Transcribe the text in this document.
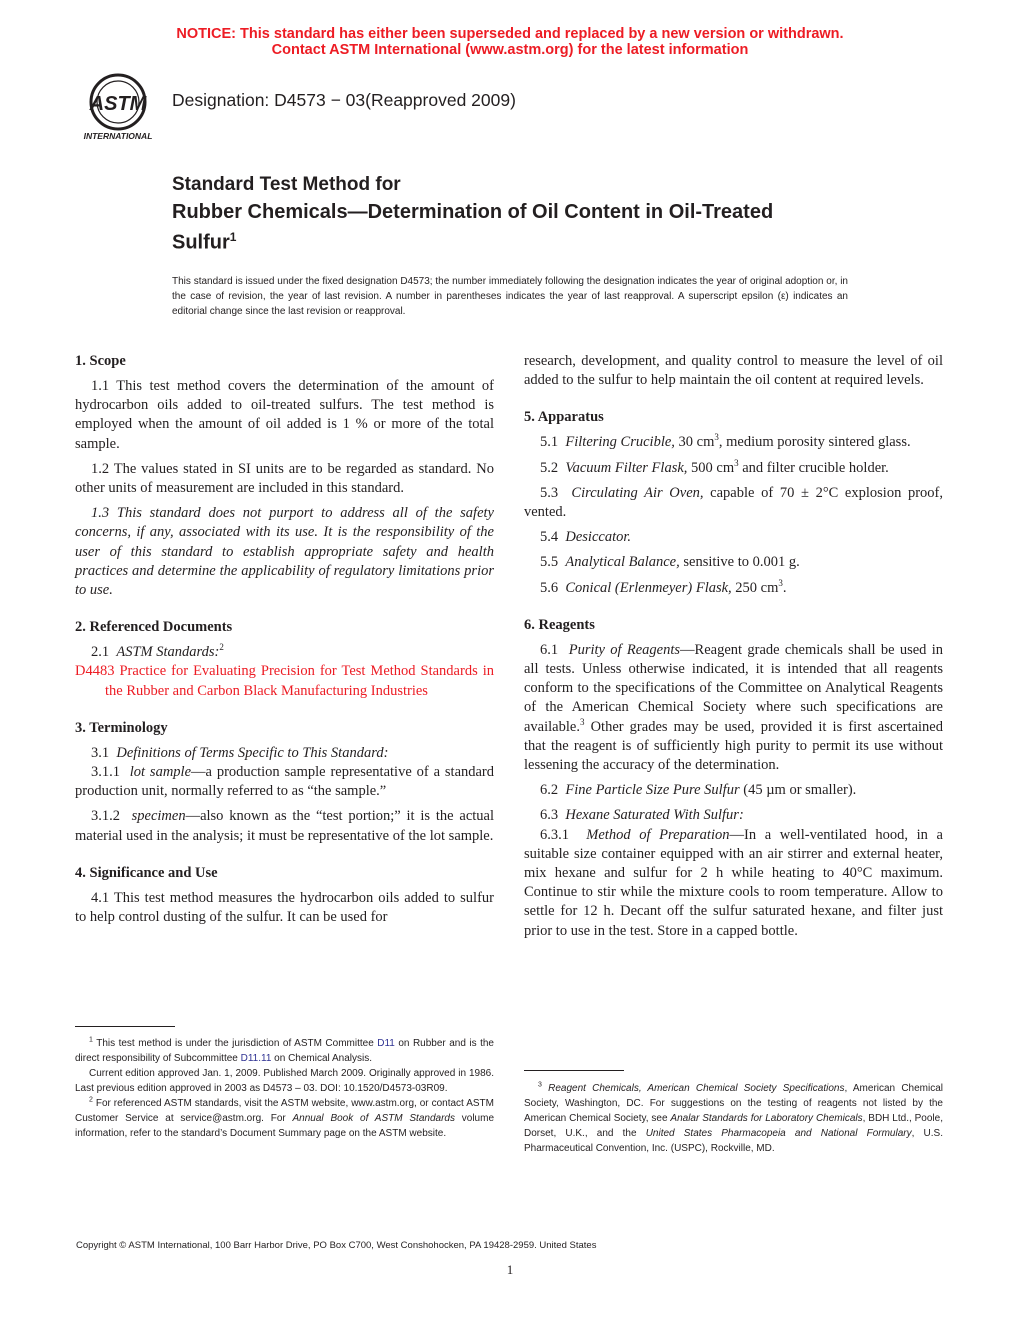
NOTICE: This standard has either been superseded and replaced by a new version or withdrawn.
Contact ASTM International (www.astm.org) for the latest information
ASTM
INTERNATIONAL
Designation: D4573 − 03(Reapproved 2009)
Standard Test Method for
Rubber Chemicals—Determination of Oil Content in Oil-Treated Sulfur$^1$
This standard is issued under the fixed designation D4573; the number immediately following the designation indicates the year of original adoption or, in the case of revision, the year of last revision. A number in parentheses indicates the year of last reapproval. A superscript epsilon (ε) indicates an editorial change since the last revision or reapproval.
1. Scope

1.1 This test method covers the determination of the amount of hydrocarbon oils added to oil-treated sulfurs. The test method is employed when the amount of oil added is 1 % or more of the total sample.

1.2 The values stated in SI units are to be regarded as standard. No other units of measurement are included in this standard.

1.3 This standard does not purport to address all of the safety concerns, if any, associated with its use. It is the responsibility of the user of this standard to establish appropriate safety and health practices and determine the applicability of regulatory limitations prior to use.

2. Referenced Documents

2.1 ASTM Standards:$^2$

D4483 Practice for Evaluating Precision for Test Method Standards in the Rubber and Carbon Black Manufacturing Industries

3. Terminology

3.1 Definitions of Terms Specific to This Standard:

3.1.1 lot sample—a production sample representative of a standard production unit, normally referred to as “the sample.”

3.1.2 specimen—also known as the “test portion;” it is the actual material used in the analysis; it must be representative of the lot sample.

4. Significance and Use

4.1 This test method measures the hydrocarbon oils added to sulfur to help control dusting of the sulfur. It can be used for

research, development, and quality control to measure the level of oil added to the sulfur to help maintain the oil content at required levels.

5. Apparatus

5.1 Filtering Crucible, 30 $cm^3$, medium porosity sintered glass.

5.2 Vacuum Filter Flask, 500 $cm^3$ and filter crucible holder.

5.3 Circulating Air Oven, capable of 70 ± 2°C explosion proof, vented.

5.4 Desiccator.

5.5 Analytical Balance, sensitive to 0.001 g.

5.6 Conical (Erlenmeyer) Flask, 250 $cm^3$.

6. Reagents

6.1 Purity of Reagents—Reagent grade chemicals shall be used in all tests. Unless otherwise indicated, it is intended that all reagents conform to the specifications of the Committee on Analytical Reagents of the American Chemical Society where such specifications are available.$^3$ Other grades may be used, provided it is first ascertained that the reagent is of sufficiently high purity to permit its use without lessening the accuracy of the determination.

6.2 Fine Particle Size Pure Sulfur (45 µm or smaller).

6.3 Hexane Saturated With Sulfur:

6.3.1 Method of Preparation—In a well-ventilated hood, in a suitable size container equipped with an air stirrer and external heater, mix hexane and sulfur for 2 h while heating to 40°C maximum. Continue to stir while the mixture cools to room temperature. Allow to settle for 12 h. Decant off the sulfur saturated hexane, and filter just prior to use in the test. Store in a capped bottle.

$^1$ This test method is under the jurisdiction of ASTM Committee D11 on Rubber and is the direct responsibility of Subcommittee D11.11 on Chemical Analysis.

Current edition approved Jan. 1, 2009. Published March 2009. Originally approved in 1986. Last previous edition approved in 2003 as D4573 – 03. DOI: 10.1520/D4573-03R09.

$^2$ For referenced ASTM standards, visit the ASTM website, www.astm.org, or contact ASTM Customer Service at service@astm.org. For Annual Book of ASTM Standards volume information, refer to the standard’s Document Summary page on the ASTM website.

$^3$ Reagent Chemicals, American Chemical Society Specifications, American Chemical Society, Washington, DC. For suggestions on the testing of reagents not listed by the American Chemical Society, see Analar Standards for Laboratory Chemicals, BDH Ltd., Poole, Dorset, U.K., and the United States Pharmacopeia and National Formulary, U.S. Pharmaceutical Convention, Inc. (USPC), Rockville, MD.

Copyright © ASTM International, 100 Barr Harbor Drive, PO Box C700, West Conshohocken, PA 19428-2959. United States
1
